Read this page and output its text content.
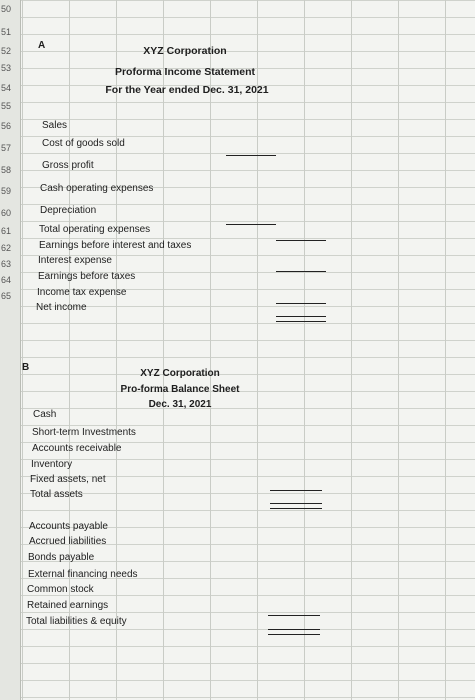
50
51
52
53
54
55
56
57
58
59
60
61
62
63
64
65
A	XYZ Corporation
Proforma Income Statement
For the Year ended Dec. 31, 2021
Sales
Cost of goods sold
Gross profit
Cash operating expenses
Depreciation
Total operating expenses
Earnings before interest and taxes
Interest expense
Earnings before taxes
Income tax expense
Net income
B
XYZ Corporation
Pro-forma Balance Sheet
Dec. 31, 2021
Cash
Short-term Investments
Accounts receivable
Inventory
Fixed assets, net
Total assets
Accounts payable
Accrued liabilities
Bonds payable
External financing needs
Common stock
Retained earnings
Total liabilities & equity
